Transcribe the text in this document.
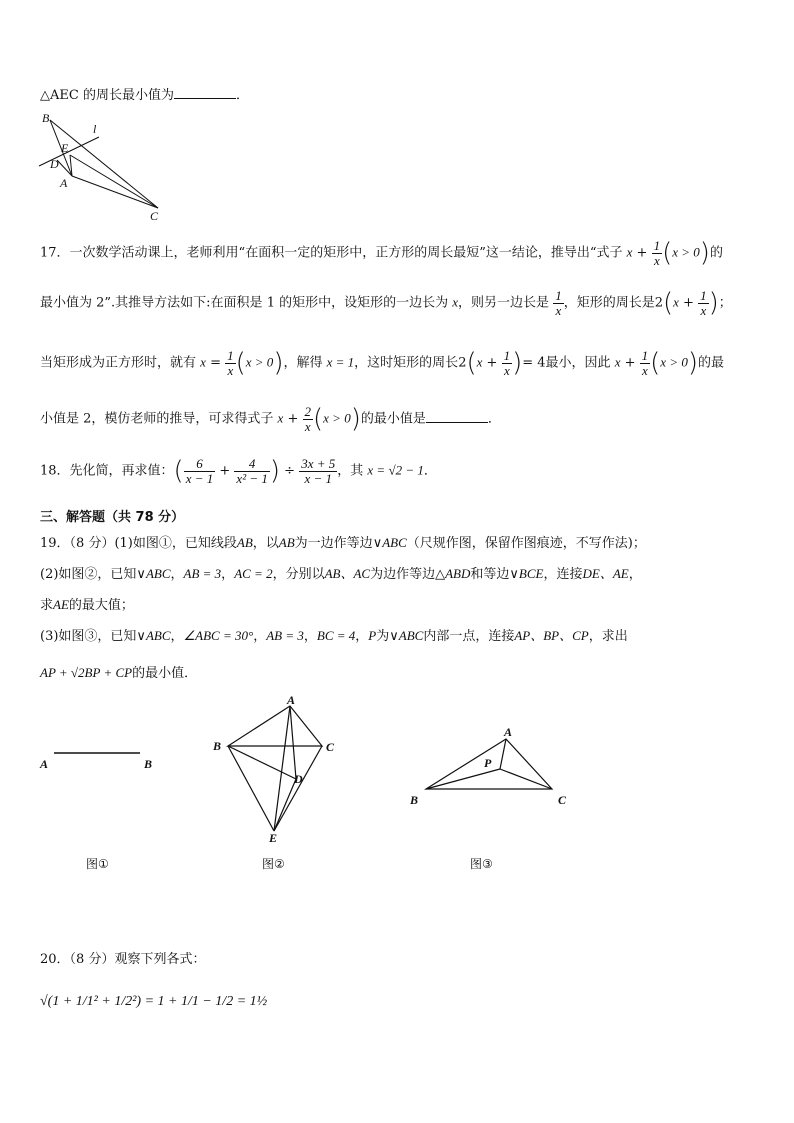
△AEC 的周长最小值为	．
B
l
E
D
A
C
17．一次数学活动课上，老师利用“在面积一定的矩形中，正方形的周长最短”这一结论，推导出“式子 $x + \frac{1}{x} (x > 0)$的
最小值为 2”.其推导方法如下:在面积是 1 的矩形中，设矩形的一边长为 x，则另一边长是 $\frac{1}{x}$ ，矩形的周长是$2(x + \frac{1}{x}$ )；
当矩形成为正方形时，就有 $x = \frac{1}{x} (x > 0)$，解得 x = 1，这时矩形的周长$2(x + \frac{1}{x}$ )= 4最小，因此 $x + \frac{1}{x} (x > 0)$的最
小值是 2，模仿老师的推导，可求得式子 $x + \frac{2}{x} (x > 0)$的最小值是	．
18．先化简，再求值：( $\frac{6}{x - 1} + \frac{4}{\text{x² − 1}}$ ) ÷ $\frac{3x + 5}{x - 1}$ ，其 x = √2 − 1．
三、解答题（共 78 分）
19．（8 分）(1)如图①，已知线段AB，以AB为一边作等边∨ABC（尺规作图，保留作图痕迹，不写作法)；
(2)如图②，已知∨ABC，AB = 3，AC = 2，分别以AB、AC为边作等边△ABD和等边∨BCE，连接DE、AE，
求AE的最大值；
(3)如图③，已知∨ABC，∠ABC = 30°，AB = 3，BC = 4，P为∨ABC内部一点，连接AP、BP、CP，求出
AP + √2BP + CP的最小值．
A	B
图①
A
B	C
D
E
图②
A
P
B	C
图③
20．（8 分）观察下列各式：
√(1 + 1/1² + 1/2²) = 1 + 1/1 − 1/2 = 1½
